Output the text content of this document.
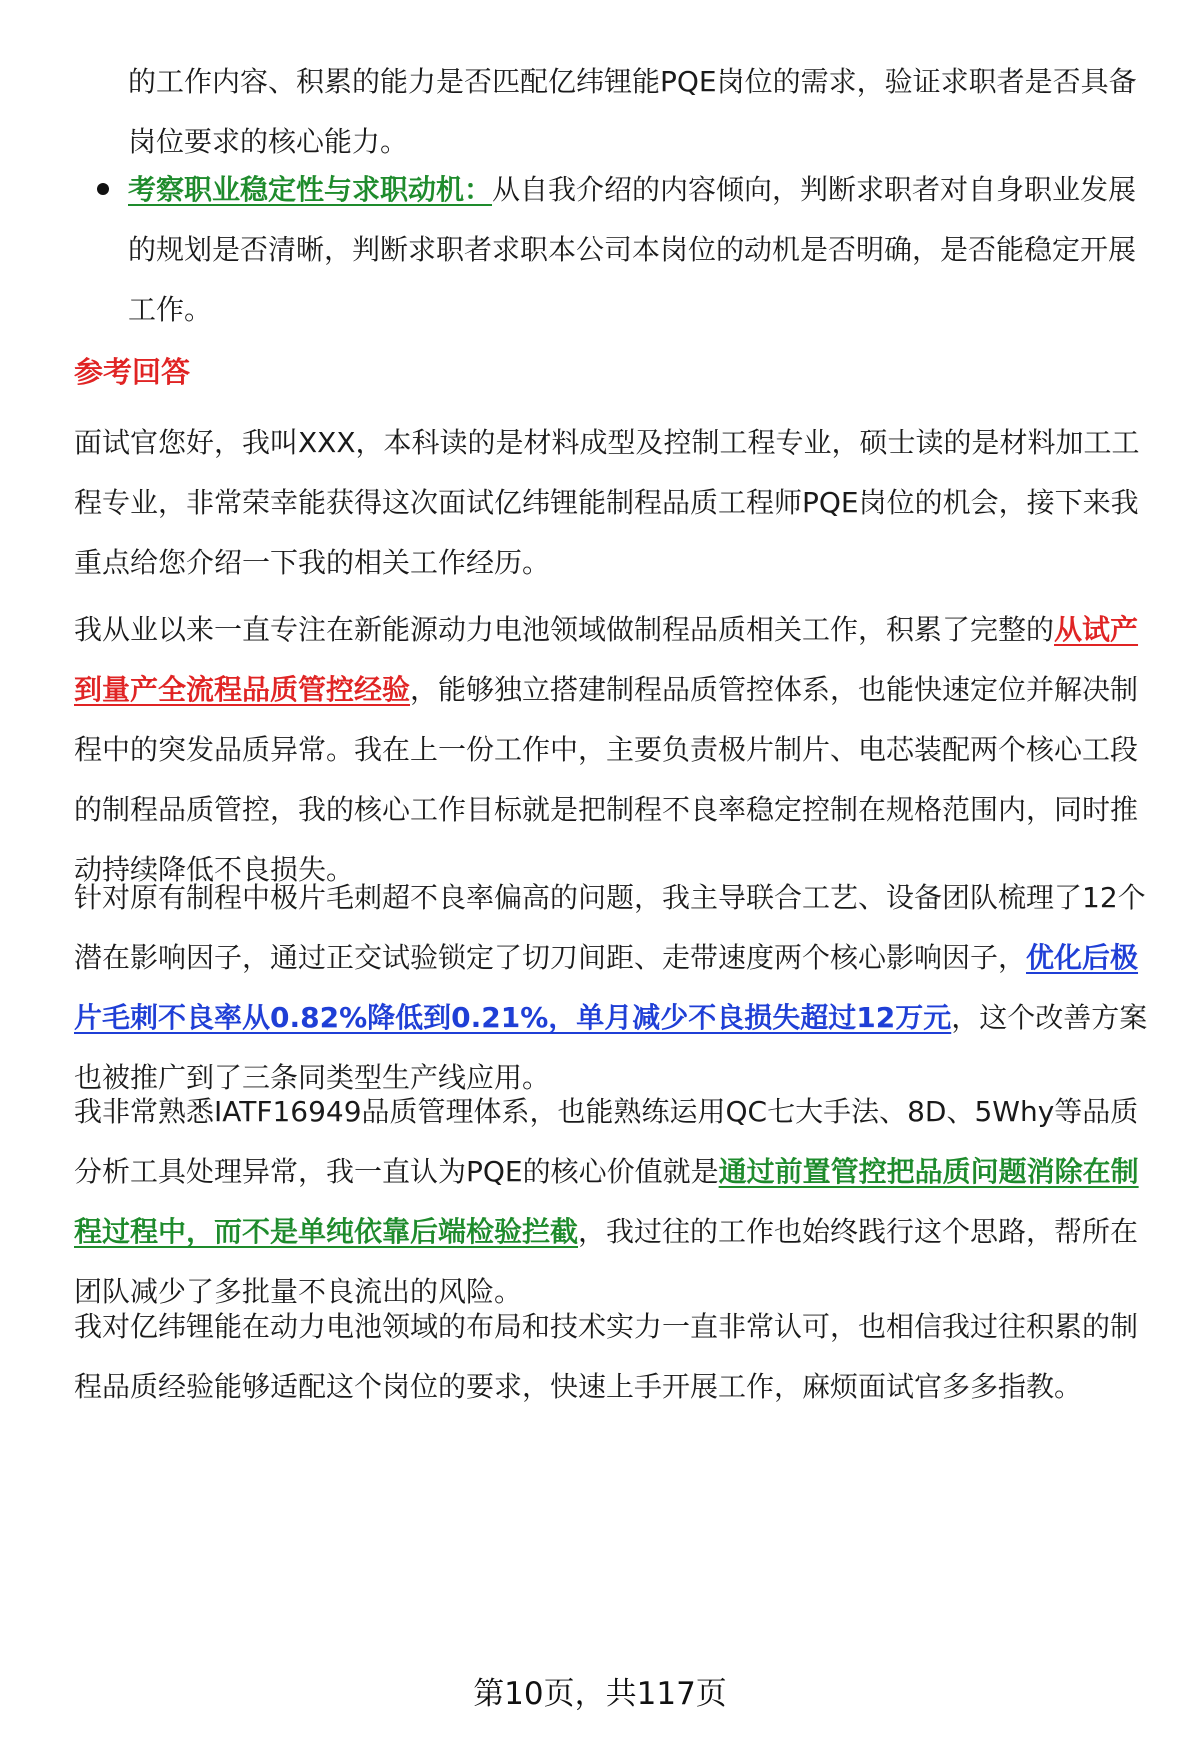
的工作内容、积累的能力是否匹配亿纬锂能PQE岗位的需求，验证求职者是否具备岗位要求的核心能力。
考察职业稳定性与求职动机：从自我介绍的内容倾向，判断求职者对自身职业发展的规划是否清晰，判断求职者求职本公司本岗位的动机是否明确，是否能稳定开展工作。
参考回答
面试官您好，我叫XXX，本科读的是材料成型及控制工程专业，硕士读的是材料加工工程专业，非常荣幸能获得这次面试亿纬锂能制程品质工程师PQE岗位的机会，接下来我重点给您介绍一下我的相关工作经历。
我从业以来一直专注在新能源动力电池领域做制程品质相关工作，积累了完整的从试产到量产全流程品质管控经验，能够独立搭建制程品质管控体系，也能快速定位并解决制程中的突发品质异常。我在上一份工作中，主要负责极片制片、电芯装配两个核心工段的制程品质管控，我的核心工作目标就是把制程不良率稳定控制在规格范围内，同时推动持续降低不良损失。
针对原有制程中极片毛刺超不良率偏高的问题，我主导联合工艺、设备团队梳理了12个潜在影响因子，通过正交试验锁定了切刀间距、走带速度两个核心影响因子，优化后极片毛刺不良率从0.82%降低到0.21%，单月减少不良损失超过12万元，这个改善方案也被推广到了三条同类型生产线应用。
我非常熟悉IATF16949品质管理体系，也能熟练运用QC七大手法、8D、5Why等品质分析工具处理异常，我一直认为PQE的核心价值就是通过前置管控把品质问题消除在制程过程中，而不是单纯依靠后端检验拦截，我过往的工作也始终践行这个思路，帮所在团队减少了多批量不良流出的风险。
我对亿纬锂能在动力电池领域的布局和技术实力一直非常认可，也相信我过往积累的制程品质经验能够适配这个岗位的要求，快速上手开展工作，麻烦面试官多多指教。
第10页，共117页
